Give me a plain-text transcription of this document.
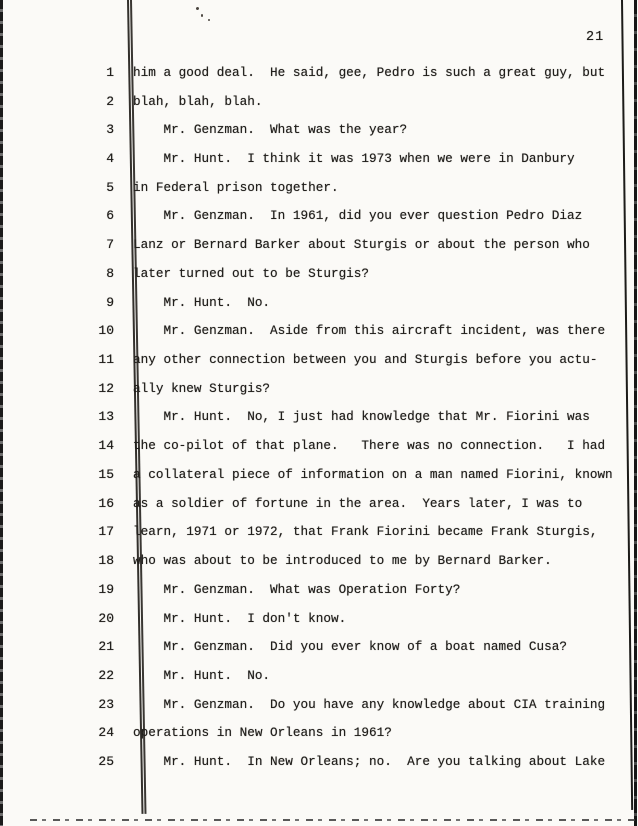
21
1	him a good deal.  He said, gee, Pedro is such a great guy, but
2	blah, blah, blah.
3	Mr. Genzman.  What was the year?
4	Mr. Hunt.  I think it was 1973 when we were in Danbury
5	in Federal prison together.
6	Mr. Genzman.  In 1961, did you ever question Pedro Diaz
7	Lanz or Bernard Barker about Sturgis or about the person who
8	later turned out to be Sturgis?
9	Mr. Hunt.  No.
10	Mr. Genzman.  Aside from this aircraft incident, was there
11	any other connection between you and Sturgis before you actu-
12	ally knew Sturgis?
13	Mr. Hunt.  No, I just had knowledge that Mr. Fiorini was
14	the co-pilot of that plane.   There was no connection.   I had
15	a collateral piece of information on a man named Fiorini, known
16	as a soldier of fortune in the area.  Years later, I was to
17	learn, 1971 or 1972, that Frank Fiorini became Frank Sturgis,
18	who was about to be introduced to me by Bernard Barker.
19	Mr. Genzman.  What was Operation Forty?
20	Mr. Hunt.  I don't know.
21	Mr. Genzman.  Did you ever know of a boat named Cusa?
22	Mr. Hunt.  No.
23	Mr. Genzman.  Do you have any knowledge about CIA training
24	operations in New Orleans in 1961?
25	Mr. Hunt.  In New Orleans; no.  Are you talking about Lake
